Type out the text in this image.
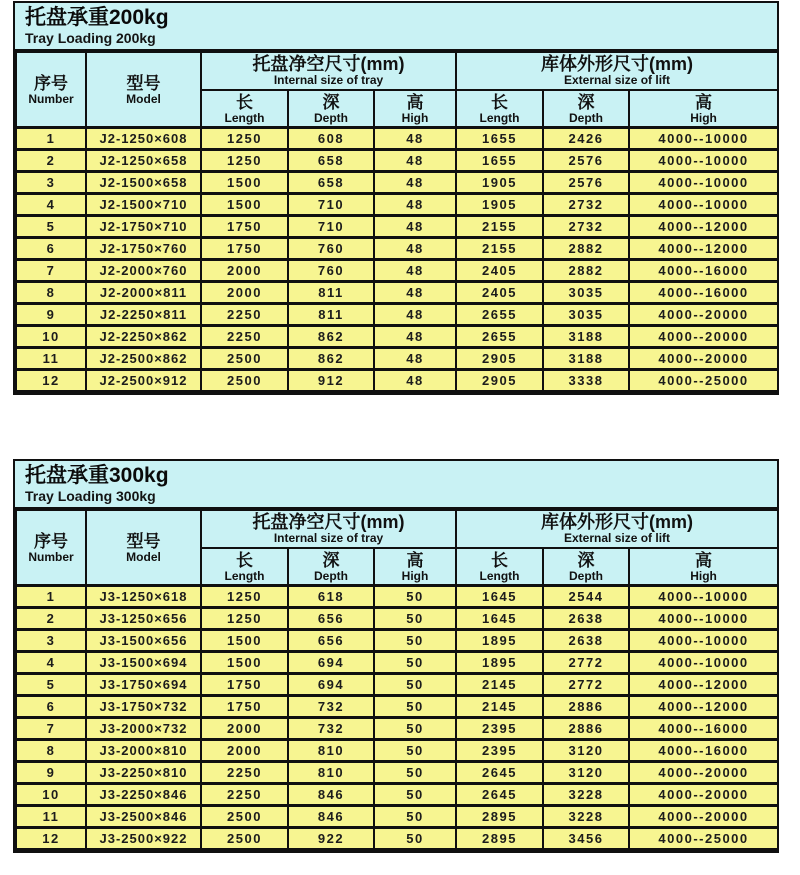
托盘承重200kg
Tray Loading 200kg
序号
Number

型号
Model

托盘净空尺寸(mm)
Internal size of tray

库体外形尺寸(mm)
External size of lift

长
Length

深
Depth

高
High

长
Length

深
Depth

高
High

1	J2-1250×608	1250	608	48	1655	2426	4000--10000
2	J2-1250×658	1250	658	48	1655	2576	4000--10000
3	J2-1500×658	1500	658	48	1905	2576	4000--10000
4	J2-1500×710	1500	710	48	1905	2732	4000--10000
5	J2-1750×710	1750	710	48	2155	2732	4000--12000
6	J2-1750×760	1750	760	48	2155	2882	4000--12000
7	J2-2000×760	2000	760	48	2405	2882	4000--16000
8	J2-2000×811	2000	811	48	2405	3035	4000--16000
9	J2-2250×811	2250	811	48	2655	3035	4000--20000
10	J2-2250×862	2250	862	48	2655	3188	4000--20000
11	J2-2500×862	2500	862	48	2905	3188	4000--20000
12	J2-2500×912	2500	912	48	2905	3338	4000--25000
托盘承重300kg
Tray Loading 300kg
序号
Number

型号
Model

托盘净空尺寸(mm)
Internal size of tray

库体外形尺寸(mm)
External size of lift

长
Length

深
Depth

高
High

长
Length

深
Depth

高
High

1	J3-1250×618	1250	618	50	1645	2544	4000--10000
2	J3-1250×656	1250	656	50	1645	2638	4000--10000
3	J3-1500×656	1500	656	50	1895	2638	4000--10000
4	J3-1500×694	1500	694	50	1895	2772	4000--10000
5	J3-1750×694	1750	694	50	2145	2772	4000--12000
6	J3-1750×732	1750	732	50	2145	2886	4000--12000
7	J3-2000×732	2000	732	50	2395	2886	4000--16000
8	J3-2000×810	2000	810	50	2395	3120	4000--16000
9	J3-2250×810	2250	810	50	2645	3120	4000--20000
10	J3-2250×846	2250	846	50	2645	3228	4000--20000
11	J3-2500×846	2500	846	50	2895	3228	4000--20000
12	J3-2500×922	2500	922	50	2895	3456	4000--25000
